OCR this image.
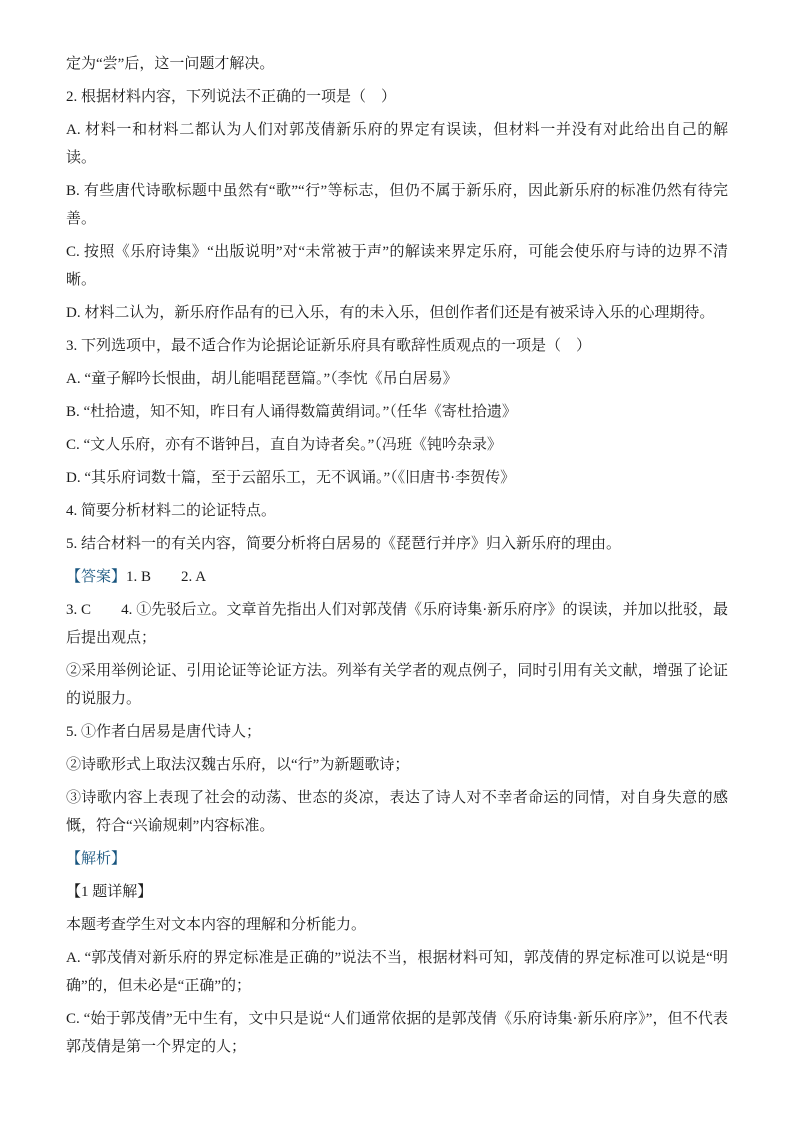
定为“尝”后，这一问题才解决。
2. 根据材料内容，下列说法不正确的一项是（　）
A. 材料一和材料二都认为人们对郭茂倩新乐府的界定有误读，但材料一并没有对此给出自己的解读。
B. 有些唐代诗歌标题中虽然有“歌”“行”等标志，但仍不属于新乐府，因此新乐府的标准仍然有待完善。
C. 按照《乐府诗集》“出版说明”对“未常被于声”的解读来界定乐府，可能会使乐府与诗的边界不清晰。
D. 材料二认为，新乐府作品有的已入乐，有的未入乐，但创作者们还是有被采诗入乐的心理期待。
3. 下列选项中，最不适合作为论据论证新乐府具有歌辞性质观点的一项是（　）
A. “童子解吟长恨曲，胡儿能唱琵琶篇。”（李忱《吊白居易》
B. “杜拾遗，知不知，昨日有人诵得数篇黄绢词。”（任华《寄杜拾遗》
C. “文人乐府，亦有不谐钟吕，直自为诗者矣。”（冯班《钝吟杂录》
D. “其乐府词数十篇，至于云韶乐工，无不讽诵。”（《旧唐书·李贺传》
4. 简要分析材料二的论证特点。
5. 结合材料一的有关内容，简要分析将白居易的《琵琶行并序》归入新乐府的理由。
【答案】1. B　　2. A
3. C　　4. ①先驳后立。文章首先指出人们对郭茂倩《乐府诗集·新乐府序》的误读，并加以批驳，最后提出观点；
②采用举例论证、引用论证等论证方法。列举有关学者的观点例子，同时引用有关文献，增强了论证的说服力。
5. ①作者白居易是唐代诗人；
②诗歌形式上取法汉魏古乐府，以“行”为新题歌诗；
③诗歌内容上表现了社会的动荡、世态的炎凉，表达了诗人对不幸者命运的同情，对自身失意的感慨，符合“兴谕规刺”内容标准。
【解析】
【1 题详解】
本题考查学生对文本内容的理解和分析能力。
A. “郭茂倩对新乐府的界定标准是正确的”说法不当，根据材料可知，郭茂倩的界定标准可以说是“明确”的，但未必是“正确”的；
C. “始于郭茂倩”无中生有，文中只是说“人们通常依据的是郭茂倩《乐府诗集·新乐府序》”，但不代表郭茂倩是第一个界定的人；
